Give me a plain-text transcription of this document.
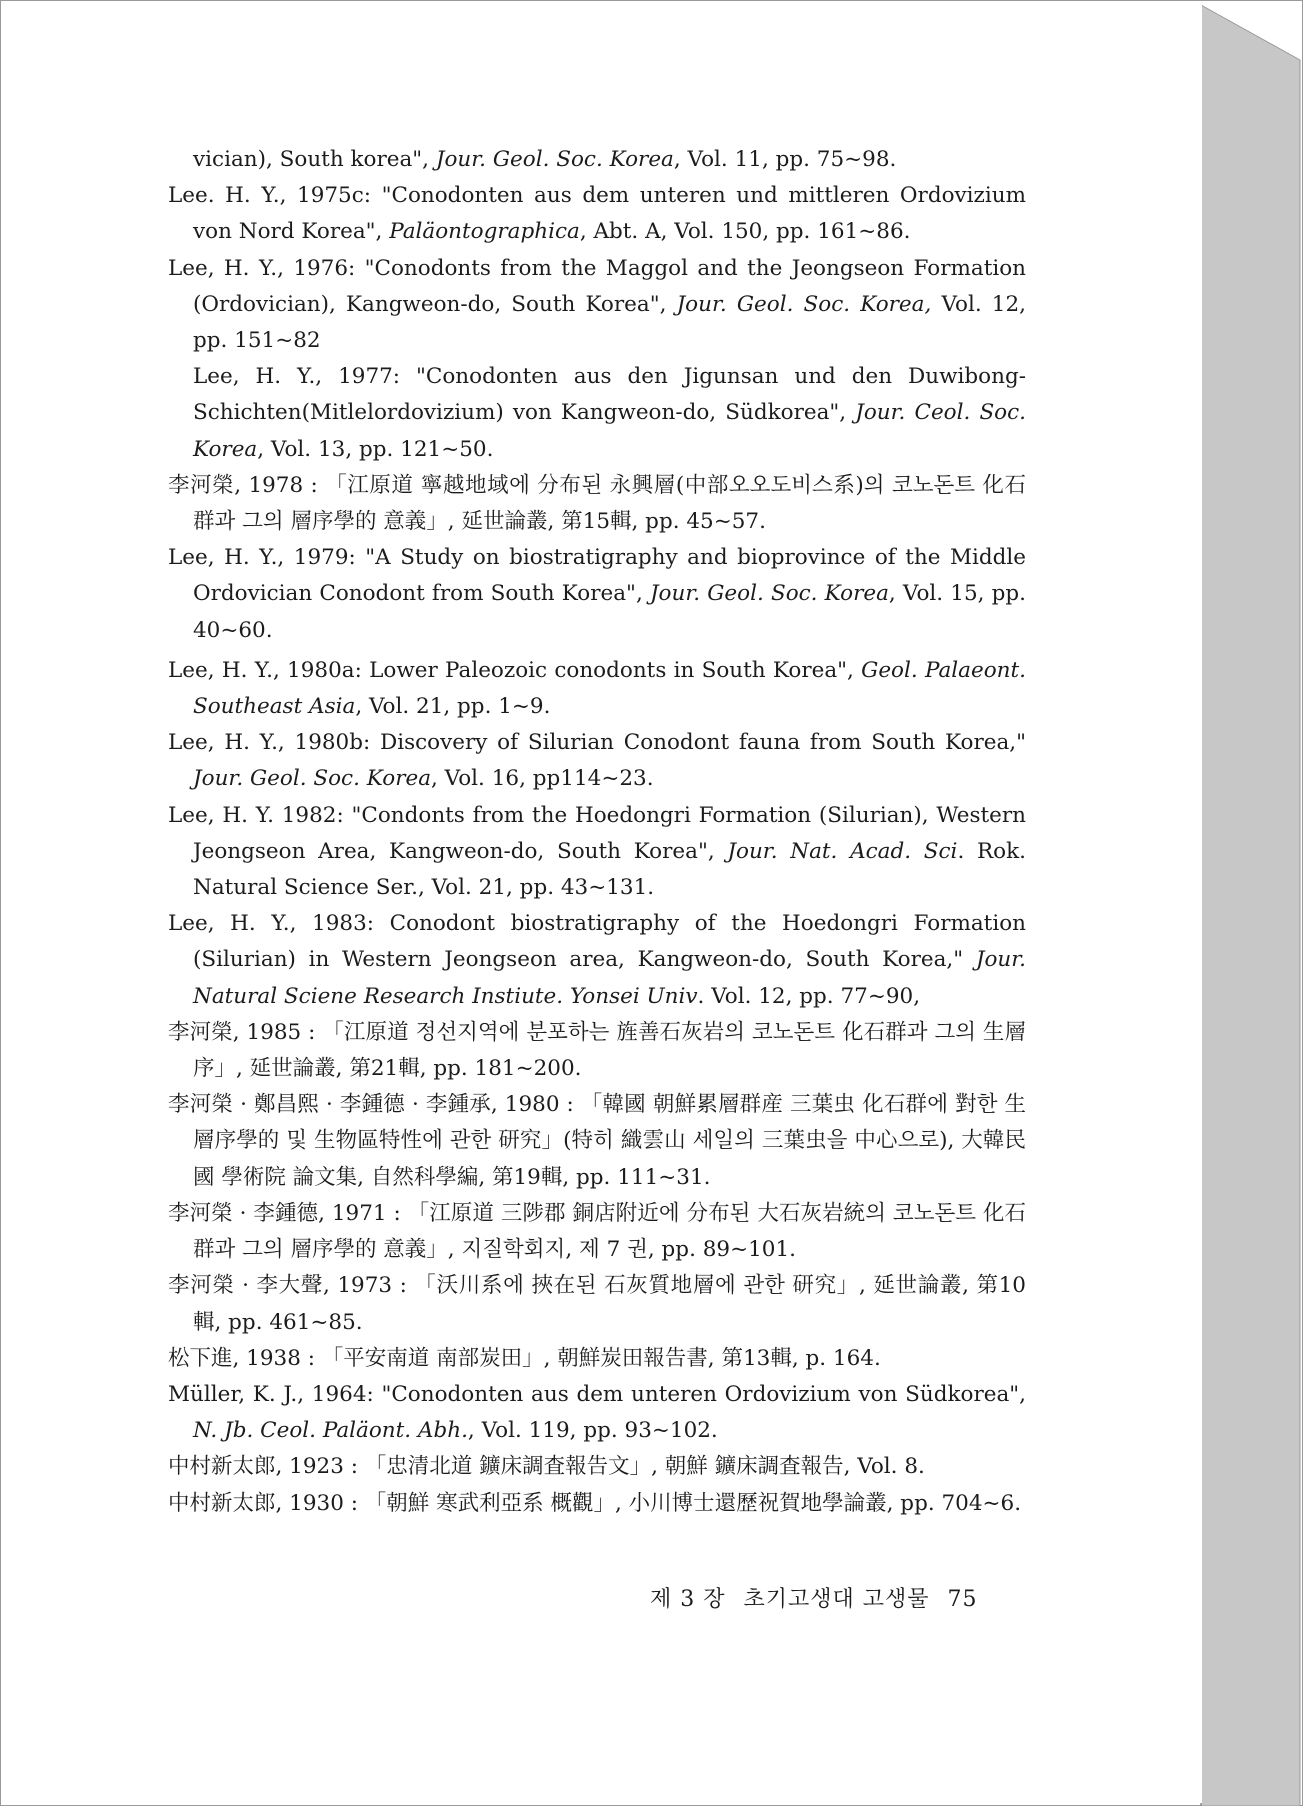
vician), South korea", Jour. Geol. Soc. Korea, Vol. 11, pp. 75~98.

Lee. H. Y., 1975c: "Conodonten aus dem unteren und mittleren Ordovizium von Nord Korea", Paläontographica, Abt. A, Vol. 150, pp. 161~86.

Lee, H. Y., 1976: "Conodonts from the Maggol and the Jeongseon Formation (Ordovician), Kangweon-do, South Korea", Jour. Geol. Soc. Korea, Vol. 12, pp. 151~82

Lee, H. Y., 1977: "Conodonten aus den Jigunsan und den Duwibong-Schichten(Mitlelordovizium) von Kangweon-do, Südkorea", Jour. Ceol. Soc. Korea, Vol. 13, pp. 121~50.

李河榮, 1978 : 「江原道 寧越地域에 分布된 永興層(中部오오도비스系)의 코노돈트 化石群과 그의 層序學的 意義」, 延世論叢, 第15輯, pp. 45~57.

Lee, H. Y., 1979: "A Study on biostratigraphy and bioprovince of the Middle Ordovician Conodont from South Korea", Jour. Geol. Soc. Korea, Vol. 15, pp. 40~60.

Lee, H. Y., 1980a: Lower Paleozoic conodonts in South Korea", Geol. Palaeont. Southeast Asia, Vol. 21, pp. 1~9.

Lee, H. Y., 1980b: Discovery of Silurian Conodont fauna from South Korea," Jour. Geol. Soc. Korea, Vol. 16, pp114~23.

Lee, H. Y. 1982: "Condonts from the Hoedongri Formation (Silurian), Western Jeongseon Area, Kangweon-do, South Korea", Jour. Nat. Acad. Sci. Rok. Natural Science Ser., Vol. 21, pp. 43~131.

Lee, H. Y., 1983: Conodont biostratigraphy of the Hoedongri Formation (Silurian) in Western Jeongseon area, Kangweon-do, South Korea," Jour. Natural Sciene Research Instiute. Yonsei Univ. Vol. 12, pp. 77~90,

李河榮, 1985 : 「江原道 정선지역에 분포하는 旌善石灰岩의 코노돈트 化石群과 그의 生層序」, 延世論叢, 第21輯, pp. 181~200.

李河榮 · 鄭昌熙 · 李鍾德 · 李鍾承, 1980 : 「韓國 朝鮮累層群産 三葉虫 化石群에 對한 生層序學的 및 生物區特性에 관한 研究」(特히 織雲山 세일의 三葉虫을 中心으로), 大韓民國 學術院 論文集, 自然科學編, 第19輯, pp. 111~31.

李河榮 · 李鍾德, 1971 : 「江原道 三陟郡 銅店附近에 分布된 大石灰岩統의 코노돈트 化石群과 그의 層序學的 意義」, 지질학회지, 제 7 권, pp. 89~101.

李河榮 · 李大聲, 1973 : 「沃川系에 挾在된 石灰質地層에 관한 研究」, 延世論叢, 第10輯, pp. 461~85.

松下進, 1938 : 「平安南道 南部炭田」, 朝鮮炭田報告書, 第13輯, p. 164.

Müller, K. J., 1964: "Conodonten aus dem unteren Ordovizium von Südkorea", N. Jb. Ceol. Paläont. Abh., Vol. 119, pp. 93~102.

中村新太郎, 1923 : 「忠清北道 鑛床調査報告文」, 朝鮮 鑛床調査報告, Vol. 8.

中村新太郎, 1930 : 「朝鮮 寒武利亞系 概觀」, 小川博士還歷祝賀地學論叢, pp. 704~6.

제 3 장 초기고생대 고생물 75
